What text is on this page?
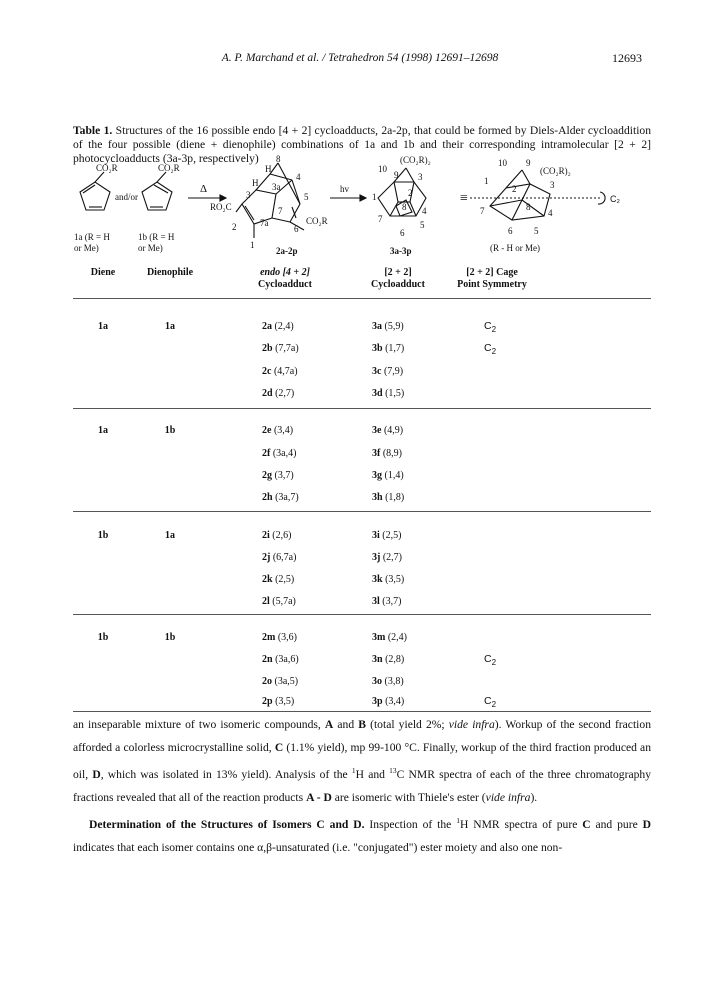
A. P. Marchand et al. / Tetrahedron 54 (1998) 12691–12698	12693
Table 1. Structures of the 16 possible endo [4 + 2] cycloadducts, 2a-2p, that could be formed by Diels-Alder cycloaddition of the four possible (diene + dienophile) combinations of 1a and 1b and their corresponding intramolecular [2 + 2] photocycloadducts (3a-3p, respectively)
CO₂R	CO₂R
and/or
Δ
1a (R = H
or Me)
1b (R = H
or Me)
8
H
H 3a
4
5
3
RO₂C
2
7
7a
6
CO₂R
1
2a-2p
hv
10
(CO₂R)₂
9 3
1	2
8 4
7
5
6
3a-3p
≡
10 9
(CO₂R)₂
1
2	3
8
7	4
6 5
C₂
(R - H or Me)
Diene	Dienophile	endo [4 + 2]
Cycloadduct
[2 + 2]
Cycloadduct
[2 + 2] Cage
Point Symmetry
1a	1a	2a (2,4)	3a (5,9)	$C_2$
2b (7,7a)	3b (1,7)	$C_2$
2c (4,7a)	3c (7,9)
2d (2,7)	3d (1,5)
1a	1b	2e (3,4)	3e (4,9)
2f (3a,4)	3f (8,9)
2g (3,7)	3g (1,4)
2h (3a,7)	3h (1,8)
1b	1a	2i (2,6)	3i (2,5)
2j (6,7a)	3j (2,7)
2k (2,5)	3k (3,5)
2l (5,7a)	3l (3,7)
1b	1b	2m (3,6)	3m (2,4)
2n (3a,6)	3n (2,8)	$C_2$
2o (3a,5)	3o (3,8)
2p (3,5)	3p (3,4)	$C_2$

an inseparable mixture of two isomeric compounds, A and B (total yield 2%; vide infra). Workup of the second fraction afforded a colorless microcrystalline solid, C (1.1% yield), mp 99-100 °C. Finally, workup of the third fraction produced an oil, D, which was isolated in 13% yield). Analysis of the $^1$H and $^{13}$C NMR spectra of each of the three chromatography fractions revealed that all of the reaction products A - D are isomeric with Thiele's ester (vide infra).

Determination of the Structures of Isomers C and D. Inspection of the $^1$H NMR spectra of pure C and pure D indicates that each isomer contains one α,β-unsaturated (i.e. "conjugated") ester moiety and also one non-
